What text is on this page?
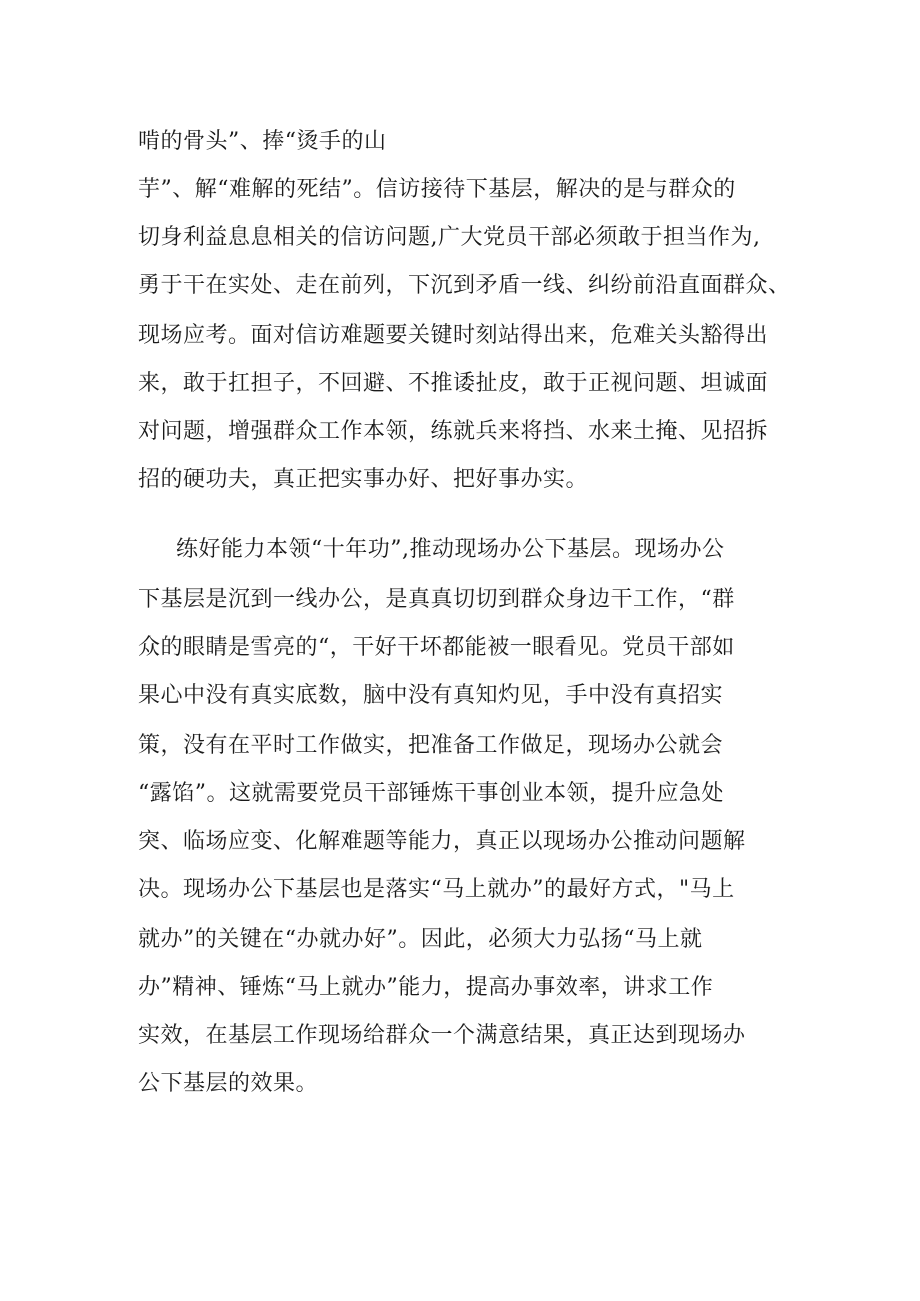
啃的骨头”、捧“烫手的山
芋”、解“难解的死结”。信访接待下基层，解决的是与群众的
切身利益息息相关的信访问题,广大党员干部必须敢于担当作为,
勇于干在实处、走在前列，下沉到矛盾一线、纠纷前沿直面群众、
现场应考。面对信访难题要关键时刻站得出来，危难关头豁得出
来，敢于扛担子，不回避、不推诿扯皮，敢于正视问题、坦诚面
对问题，增强群众工作本领，练就兵来将挡、水来土掩、见招拆
招的硬功夫，真正把实事办好、把好事办实。
练好能力本领“十年功”,推动现场办公下基层。现场办公
下基层是沉到一线办公，是真真切切到群众身边干工作，“群
众的眼睛是雪亮的“，干好干坏都能被一眼看见。党员干部如
果心中没有真实底数，脑中没有真知灼见，手中没有真招实
策，没有在平时工作做实，把准备工作做足，现场办公就会
“露馅”。这就需要党员干部锤炼干事创业本领，提升应急处
突、临场应变、化解难题等能力，真正以现场办公推动问题解
决。现场办公下基层也是落实“马上就办”的最好方式，"马上
就办”的关键在“办就办好”。因此，必须大力弘扬“马上就
办”精神、锤炼“马上就办”能力，提高办事效率，讲求工作
实效，在基层工作现场给群众一个满意结果，真正达到现场办
公下基层的效果。
